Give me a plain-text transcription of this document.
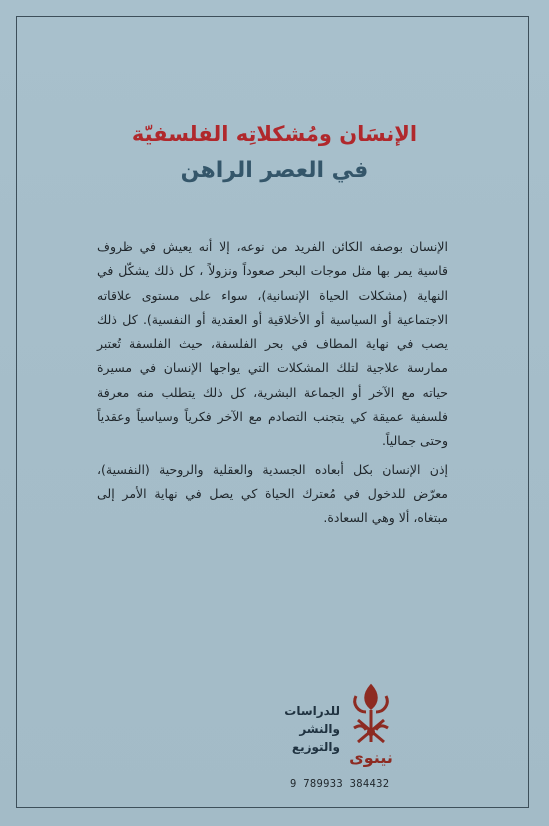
الإنسَان ومُشكلاتِه الفلسفيّة
في العصر الراهن

الإنسان بوصفه الكائن الفريد من نوعه، إلا أنه يعيش في ظروف قاسية يمر بها مثل موجات البحر صعوداً ونزولاً ، كل ذلك يشكّل في النهاية (مشكلات الحياة الإنسانية)، سواء على مستوى علاقاته الاجتماعية أو السياسية أو الأخلاقية أو العقدية أو النفسية). كل ذلك يصب في نهاية المطاف في بحر الفلسفة، حيث الفلسفة تُعتبر ممارسة علاجية لتلك المشكلات التي يواجها الإنسان في مسيرة حياته مع الآخر أو الجماعة البشرية، كل ذلك يتطلب منه معرفة فلسفية عميقة كي يتجنب التصادم مع الآخر فكرياً وسياسياً وعقدياً وحتى جمالياً.

إذن الإنسان بكل أبعاده الجسدية والعقلية والروحية (النفسية)، معرّض للدخول في مُعترك الحياة كي يصل في نهاية الأمر إلى مبتغاه، ألا وهي السعادة.

للدراسات
والنشر
والتوزيع
نينوى
9 789933 384432
